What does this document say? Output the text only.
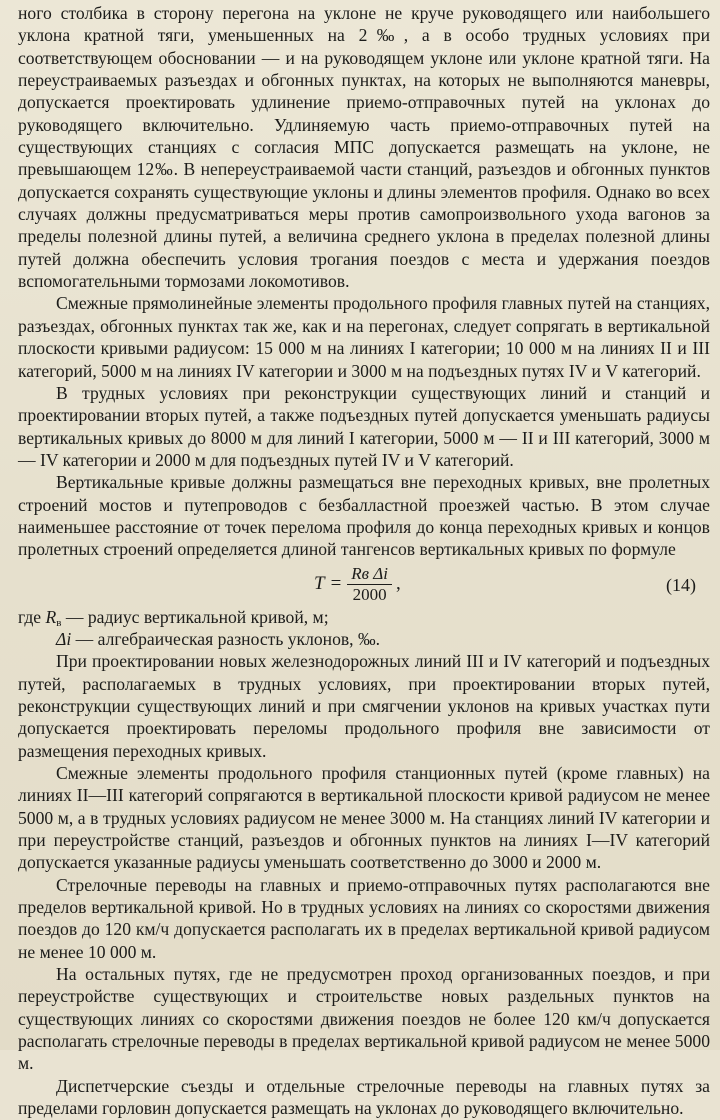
ного столбика в сторону перегона на уклоне не круче руководящего или наибольшего уклона кратной тяги, уменьшенных на 2‰, а в особо трудных условиях при соответствующем обосновании — и на руководящем уклоне или уклоне кратной тяги. На переустраиваемых разъездах и обгонных пунктах, на которых не выполняются маневры, допускается проектировать удлинение приемо-отправочных путей на уклонах до руководящего включительно. Удлиняемую часть приемо-отправочных путей на существующих станциях с согласия МПС допускается размещать на уклоне, не превышающем 12‰. В непереустраиваемой части станций, разъездов и обгонных пунктов допускается сохранять существующие уклоны и длины элементов профиля. Однако во всех случаях должны предусматриваться меры против самопроизвольного ухода вагонов за пределы полезной длины путей, а величина среднего уклона в пределах полезной длины путей должна обеспечить условия трогания поездов с места и удержания поездов вспомогательными тормозами локомотивов.

Смежные прямолинейные элементы продольного профиля главных путей на станциях, разъездах, обгонных пунктах так же, как и на перегонах, следует сопрягать в вертикальной плоскости кривыми радиусом: 15 000 м на линиях I категории; 10 000 м на линиях II и III категорий, 5000 м на линиях IV категории и 3000 м на подъездных путях IV и V категорий.

В трудных условиях при реконструкции существующих линий и станций и проектировании вторых путей, а также подъездных путей допускается уменьшать радиусы вертикальных кривых до 8000 м для линий I категории, 5000 м — II и III категорий, 3000 м — IV категории и 2000 м для подъездных путей IV и V категорий.

Вертикальные кривые должны размещаться вне переходных кривых, вне пролетных строений мостов и путепроводов с безбалластной проезжей частью. В этом случае наименьшее расстояние от точек перелома профиля до конца переходных кривых и концов пролетных строений определяется длиной тангенсов вертикальных кривых по формуле

$T = \frac{\text{Rв Δi}}{2000}$ ,	(14)

где $R_в$ — радиус вертикальной кривой, м;

Δi — алгебраическая разность уклонов, ‰.

При проектировании новых железнодорожных линий III и IV категорий и подъездных путей, располагаемых в трудных условиях, при проектировании вторых путей, реконструкции существующих линий и при смягчении уклонов на кривых участках пути допускается проектировать переломы продольного профиля вне зависимости от размещения переходных кривых.

Смежные элементы продольного профиля станционных путей (кроме главных) на линиях II—III категорий сопрягаются в вертикальной плоскости кривой радиусом не менее 5000 м, а в трудных условиях радиусом не менее 3000 м. На станциях линий IV категории и при переустройстве станций, разъездов и обгонных пунктов на линиях I—IV категорий допускается указанные радиусы уменьшать соответственно до 3000 и 2000 м.

Стрелочные переводы на главных и приемо-отправочных путях располагаются вне пределов вертикальной кривой. Но в трудных условиях на линиях со скоростями движения поездов до 120 км/ч допускается располагать их в пределах вертикальной кривой радиусом не менее 10 000 м.

На остальных путях, где не предусмотрен проход организованных поездов, и при переустройстве существующих и строительстве новых раздельных пунктов на существующих линиях со скоростями движения поездов не более 120 км/ч допускается располагать стрелочные переводы в пределах вертикальной кривой радиусом не менее 5000 м.

Диспетчерские съезды и отдельные стрелочные переводы на главных путях за пределами горловин допускается размещать на уклонах до руководящего включительно.
